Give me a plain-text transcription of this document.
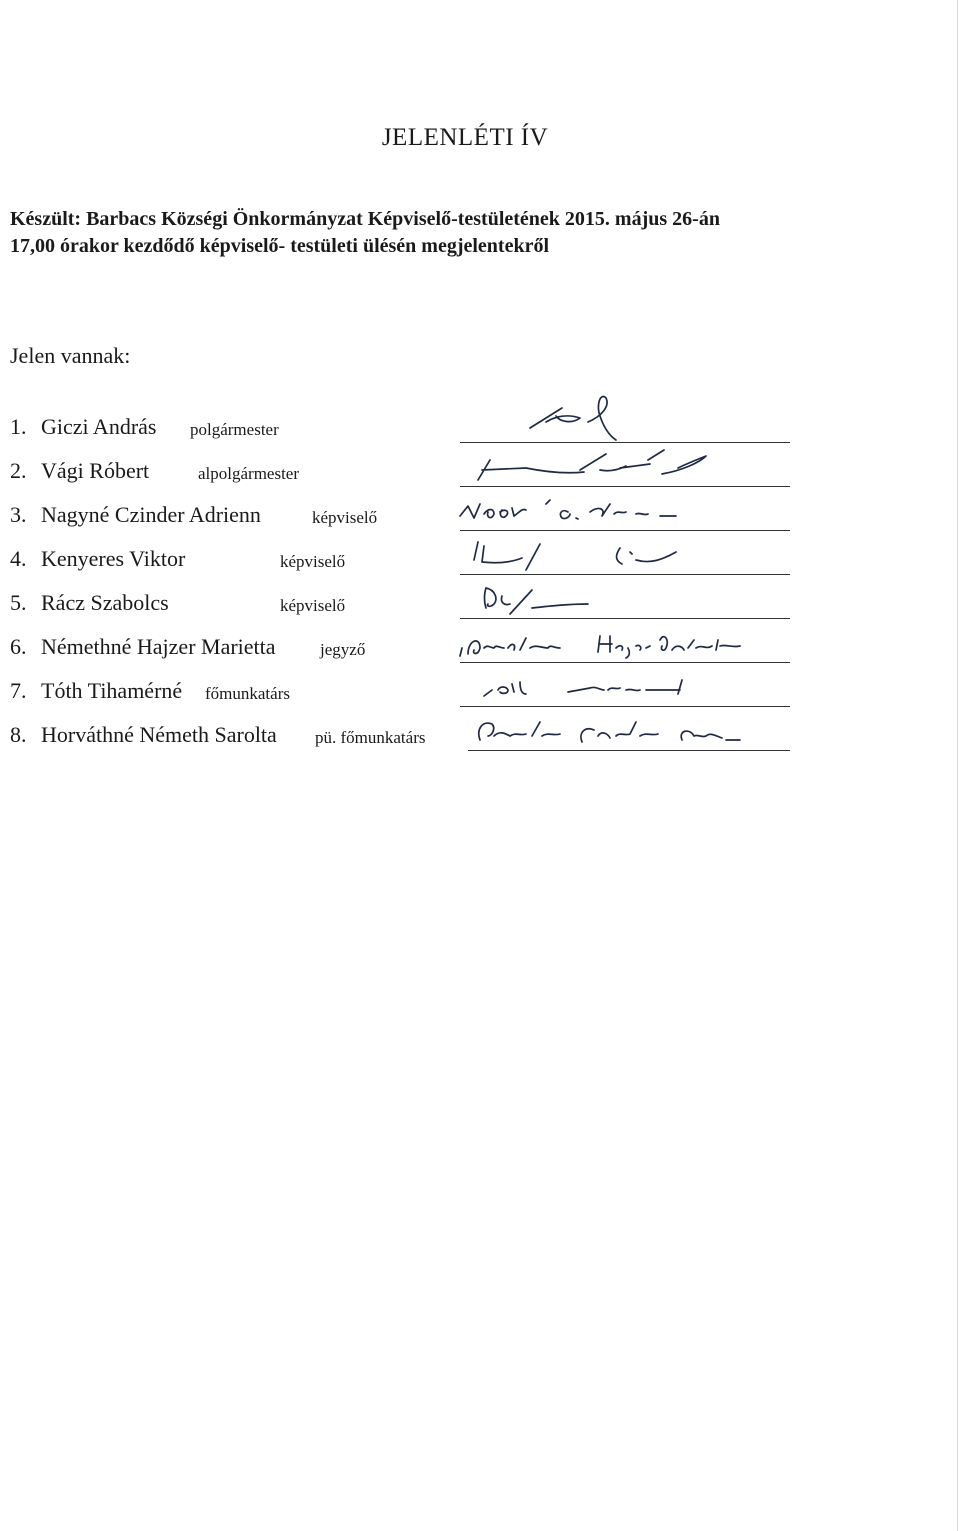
JELENLÉTI ÍV
Készült: Barbacs Községi Önkormányzat Képviselő-testületének 2015. május 26-án
17,00 órakor kezdődő képviselő- testületi ülésén megjelentekről
Jelen vannak:
1. Giczi András polgármester
2. Vági Róbert	alpolgármester
3. Nagyné Czinder Adrienn	képviselő
4. Kenyeres Viktor	képviselő
5. Rácz Szabolcs	képviselő
6. Némethné Hajzer Marietta	jegyző
7. Tóth Tihamérné főmunkatárs
8. Horváthné Németh Sarolta pü. főmunkatárs
